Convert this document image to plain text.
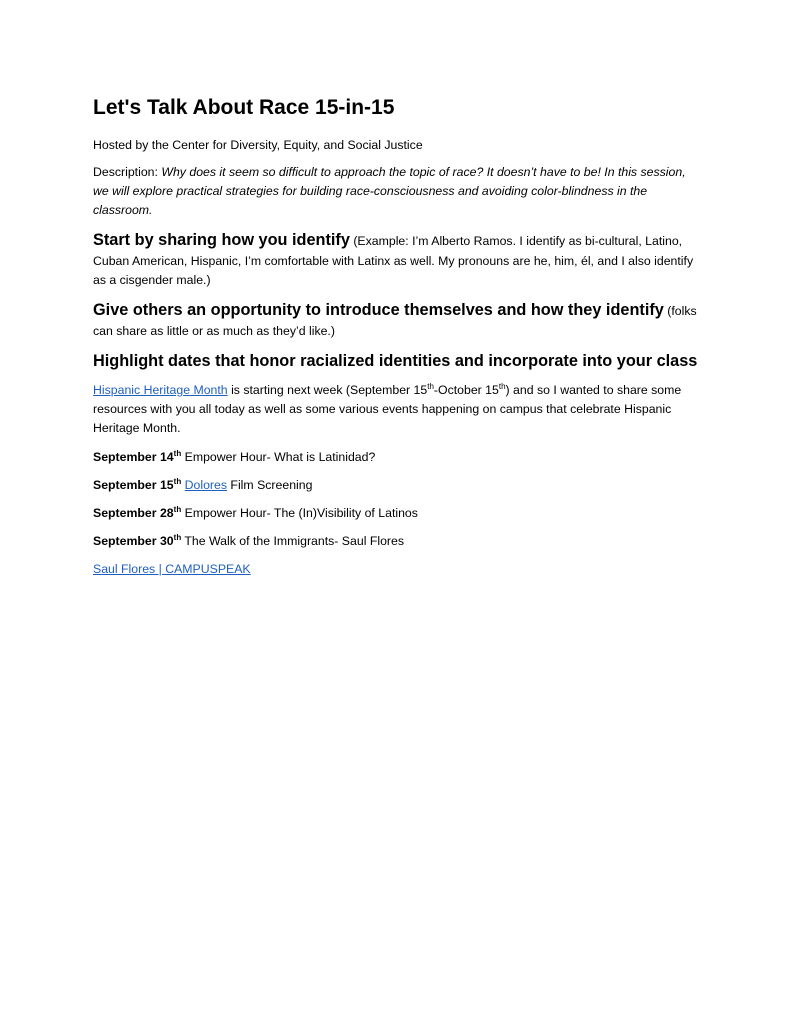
Let's Talk About Race 15-in-15

Hosted by the Center for Diversity, Equity, and Social Justice

Description: Why does it seem so difficult to approach the topic of race? It doesn’t have to be! In this session, we will explore practical strategies for building race-consciousness and avoiding color-blindness in the classroom.

Start by sharing how you identify (Example: I’m Alberto Ramos. I identify as bi-cultural, Latino, Cuban American, Hispanic, I’m comfortable with Latinx as well. My pronouns are he, him, él, and I also identify as a cisgender male.)

Give others an opportunity to introduce themselves and how they identify (folks can share as little or as much as they’d like.)

Highlight dates that honor racialized identities and incorporate into your class

Hispanic Heritage Month is starting next week (September 15th-October 15th) and so I wanted to share some resources with you all today as well as some various events happening on campus that celebrate Hispanic Heritage Month.

September 14th Empower Hour- What is Latinidad?

September 15th Dolores Film Screening

September 28th Empower Hour- The (In)Visibility of Latinos

September 30th The Walk of the Immigrants- Saul Flores

Saul Flores | CAMPUSPEAK
